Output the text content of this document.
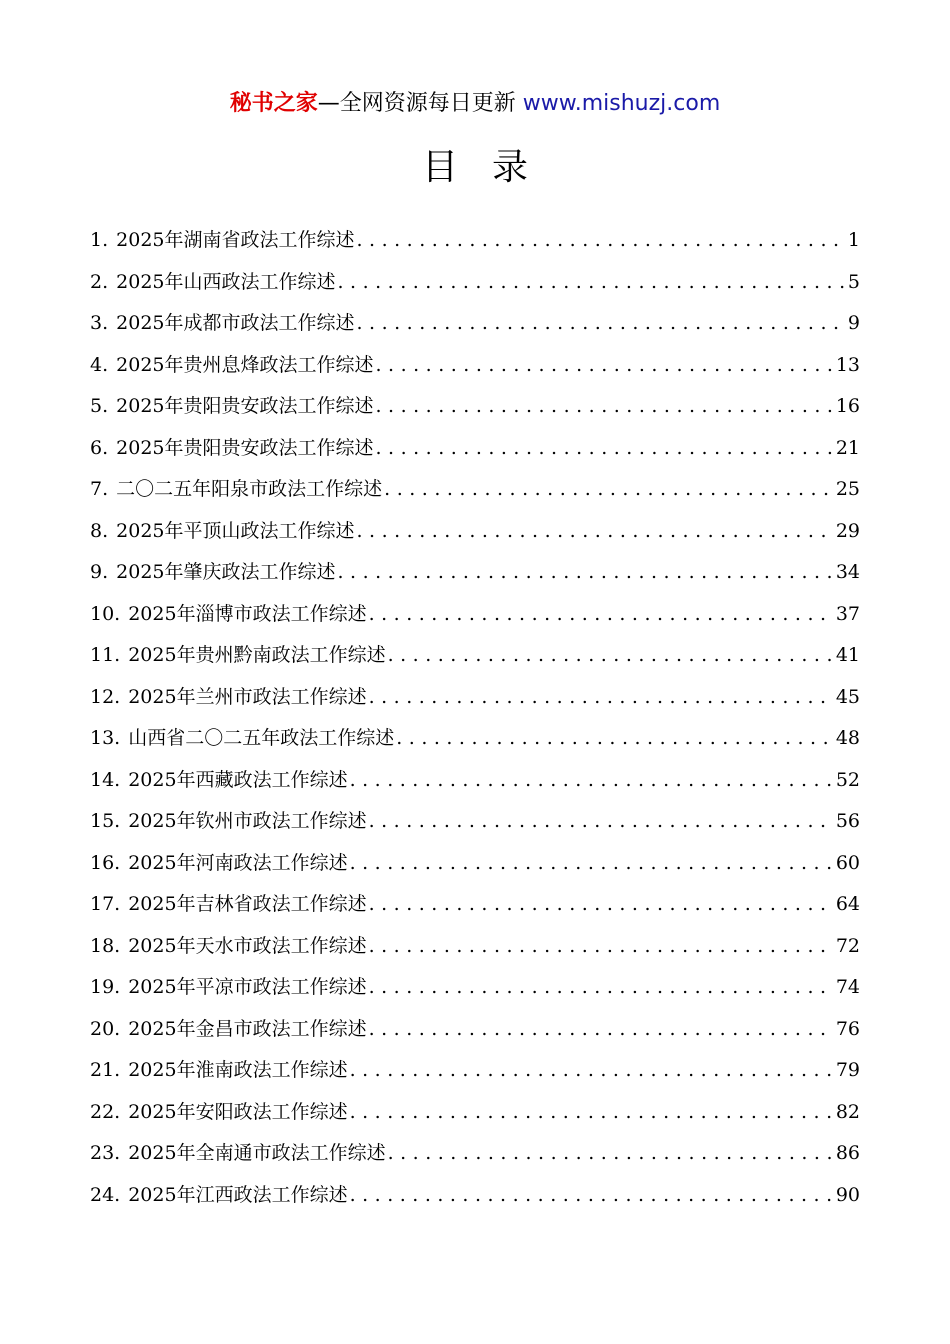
秘书之家—全网资源每日更新 www.mishuzj.com
目录
1. 2025年湖南省政法工作综述 .....	1
2. 2025年山西政法工作综述 .....	5
3. 2025年成都市政法工作综述 .....	9
4. 2025年贵州息烽政法工作综述 .....	13
5. 2025年贵阳贵安政法工作综述 .....	16
6. 2025年贵阳贵安政法工作综述 .....	21
7. 二〇二五年阳泉市政法工作综述 .....	25
8. 2025年平顶山政法工作综述 .....	29
9. 2025年肇庆政法工作综述 .....	34
10. 2025年淄博市政法工作综述 .....	37
11. 2025年贵州黔南政法工作综述 .....	41
12. 2025年兰州市政法工作综述 .....	45
13. 山西省二〇二五年政法工作综述 .....	48
14. 2025年西藏政法工作综述 .....	52
15. 2025年钦州市政法工作综述 .....	56
16. 2025年河南政法工作综述 .....	60
17. 2025年吉林省政法工作综述 .....	64
18. 2025年天水市政法工作综述 .....	72
19. 2025年平凉市政法工作综述 .....	74
20. 2025年金昌市政法工作综述 .....	76
21. 2025年淮南政法工作综述 .....	79
22. 2025年安阳政法工作综述 .....	82
23. 2025年全南通市政法工作综述 .....	86
24. 2025年江西政法工作综述 .....	90
